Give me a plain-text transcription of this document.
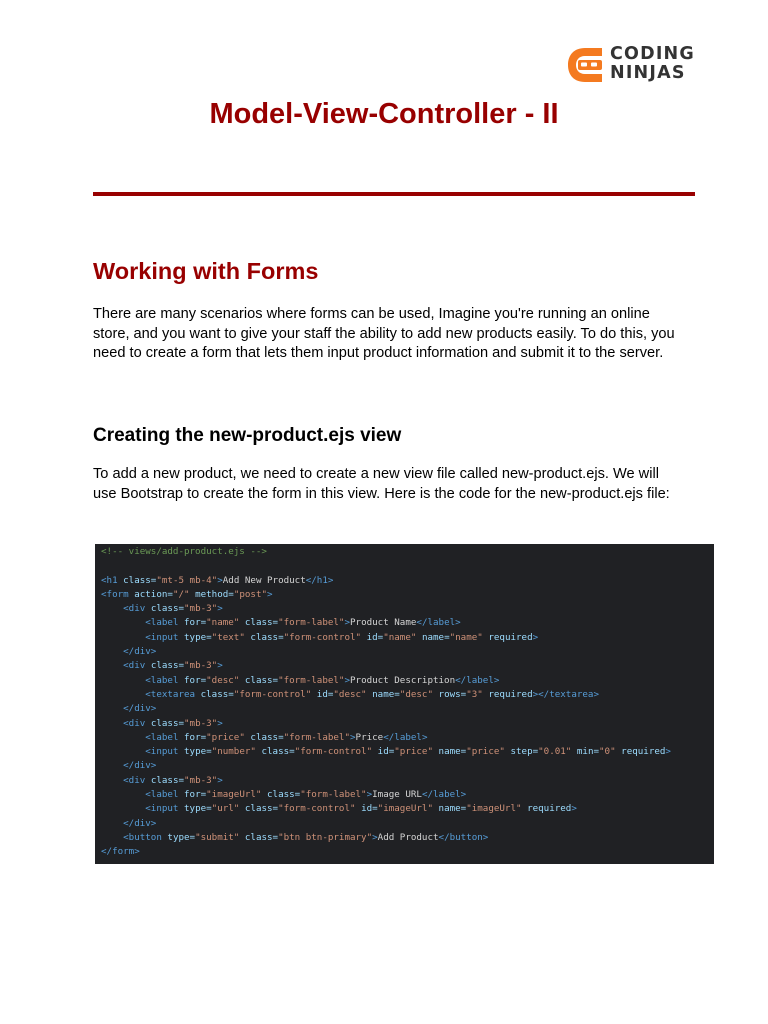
CODING
NINJAS
Model-View-Controller - II
Working with Forms

There are many scenarios where forms can be used, Imagine you're running an online store, and you want to give your staff the ability to add new products easily. To do this, you need to create a form that lets them input product information and submit it to the server.

Creating the new-product.ejs view

To add a new product, we need to create a new view file called new-product.ejs. We will use Bootstrap to create the form in this view. Here is the code for the new-product.ejs file:

<!-- views/add-product.ejs -->
<h1 class="mt-5 mb-4">Add New Product</h1>
<form action="/" method="post">
<div class="mb-3">
<label for="name" class="form-label">Product Name</label>
<input type="text" class="form-control" id="name" name="name" required>
</div>
<div class="mb-3">
<label for="desc" class="form-label">Product Description</label>
<textarea class="form-control" id="desc" name="desc" rows="3" required></textarea>
</div>
<div class="mb-3">
<label for="price" class="form-label">Price</label>
<input type="number" class="form-control" id="price" name="price" step="0.01" min="0" required>
</div>
<div class="mb-3">
<label for="imageUrl" class="form-label">Image URL</label>
<input type="url" class="form-control" id="imageUrl" name="imageUrl" required>
</div>
<button type="submit" class="btn btn-primary">Add Product</button>
</form>
